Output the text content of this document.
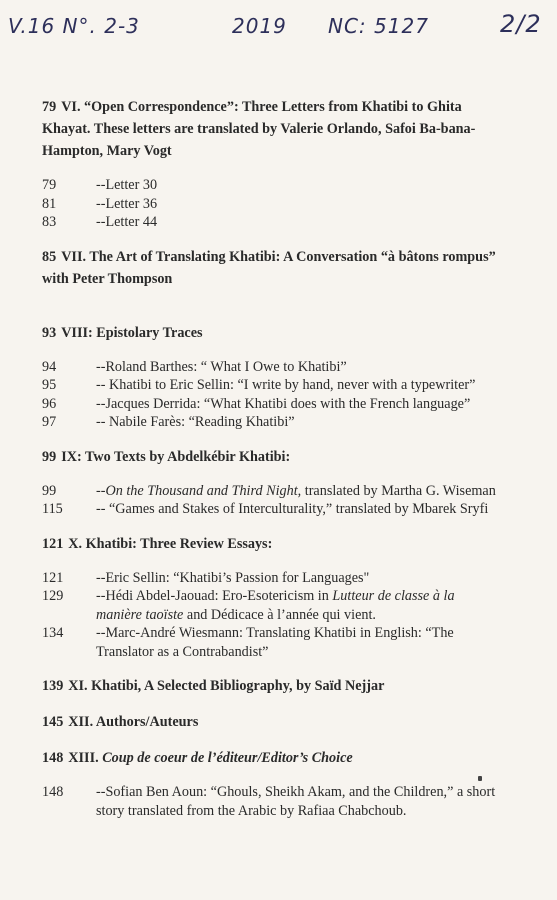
V.16 N°. 2-3	2019 NC: 5127	2/2

79 VI. “Open Correspondence”: Three Letters from Khatibi to Ghita Khayat. These letters are translated by Valerie Orlando, Safoi Ba-bana-Hampton, Mary Vogt

79	--Letter 30
81	--Letter 36
83	--Letter 44

85 VII. The Art of Translating Khatibi: A Conversation “à bâtons rompus” with Peter Thompson

93 VIII: Epistolary Traces

94	--Roland Barthes: “ What I Owe to Khatibi”
95	-- Khatibi to Eric Sellin: “I write by hand, never with a typewriter”
96	--Jacques Derrida: “What Khatibi does with the French language”
97	-- Nabile Farès: “Reading Khatibi”

99 IX: Two Texts by Abdelkébir Khatibi:

99	--On the Thousand and Third Night, translated by Martha G. Wiseman
115 -- “Games and Stakes of Interculturality,” translated by Mbarek Sryfi

121 X. Khatibi: Three Review Essays:

121 --Eric Sellin: “Khatibi’s Passion for Languages"
129 --Hédi Abdel-Jaouad: Ero-Esotericism in Lutteur de classe à la manière taoïste and Dédicace à l’année qui vient.
134 --Marc-André Wiesmann: Translating Khatibi in English: “The Translator as a Contrabandist”

139 XI. Khatibi, A Selected Bibliography, by Saïd Nejjar

145 XII. Authors/Auteurs

148 XIII. Coup de coeur de l’éditeur/Editor’s Choice

148 --Sofian Ben Aoun: “Ghouls, Sheikh Akam, and the Children,” a short story translated from the Arabic by Rafiaa Chabchoub.
